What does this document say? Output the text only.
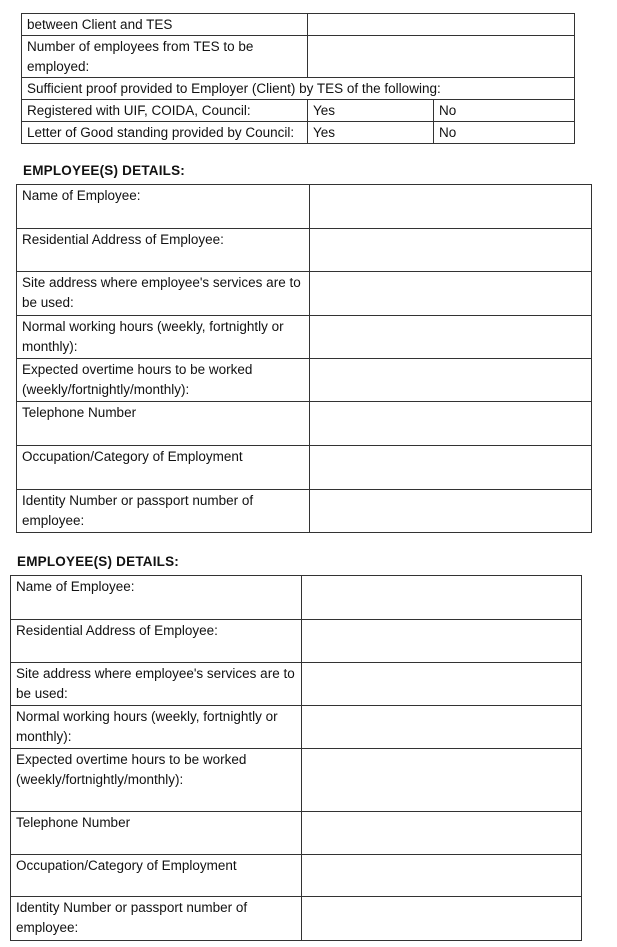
between Client and TES		
Number of employees from TES to be employed:		
Sufficient proof provided to Employer (Client) by TES of the following:		
Registered with UIF, COIDA, Council:	Yes	No
Letter of Good standing provided by Council:	Yes	No
EMPLOYEE(S) DETAILS:
Name of Employee:	
Residential Address of Employee:	
Site address where employee's services are to be used:	
Normal working hours (weekly, fortnightly or monthly):	
Expected overtime hours to be worked (weekly/fortnightly/monthly):	
Telephone Number	
Occupation/Category of Employment	
Identity Number or passport number of employee:	
EMPLOYEE(S) DETAILS:
Name of Employee:	
Residential Address of Employee:	
Site address where employee's services are to be used:	
Normal working hours (weekly, fortnightly or monthly):	
Expected overtime hours to be worked (weekly/fortnightly/monthly):	
Telephone Number	
Occupation/Category of Employment	
Identity Number or passport number of employee:	
